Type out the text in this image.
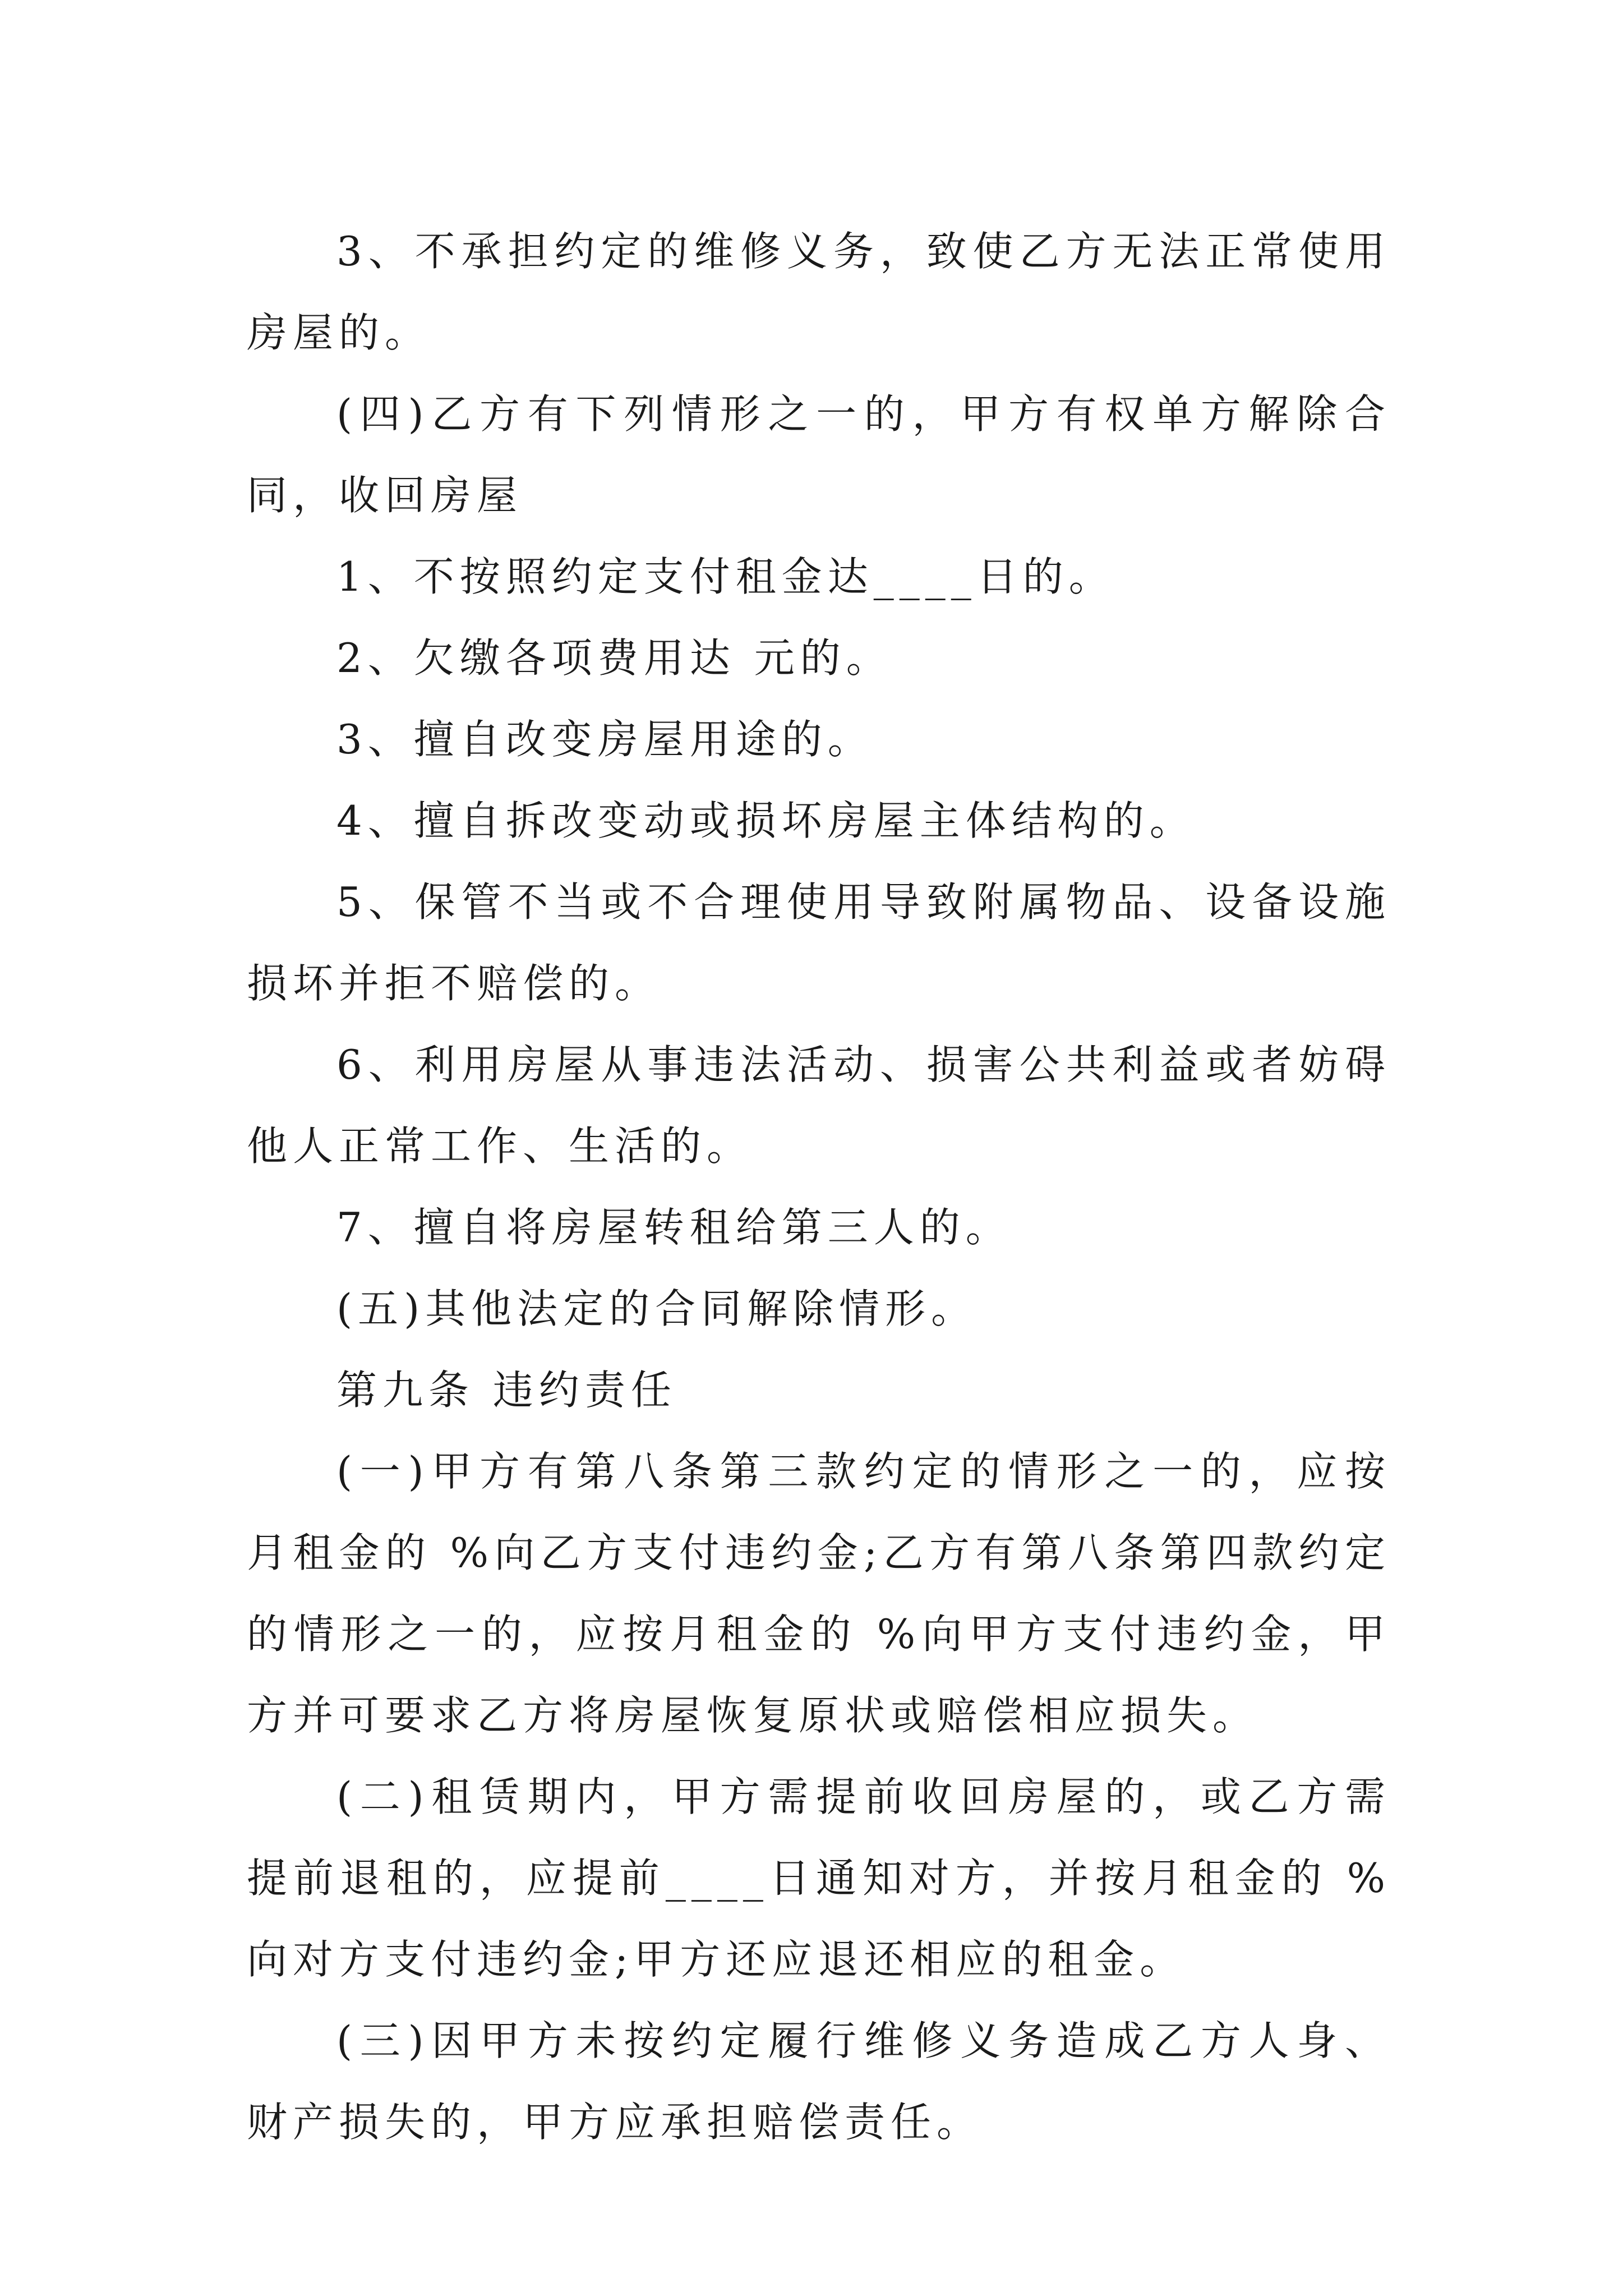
3、不承担约定的维修义务，致使乙方无法正常使用房屋的。

(四)乙方有下列情形之一的，甲方有权单方解除合同，收回房屋

1、不按照约定支付租金达____日的。

2、欠缴各项费用达 元的。

3、擅自改变房屋用途的。

4、擅自拆改变动或损坏房屋主体结构的。

5、保管不当或不合理使用导致附属物品、设备设施损坏并拒不赔偿的。

6、利用房屋从事违法活动、损害公共利益或者妨碍他人正常工作、生活的。

7、擅自将房屋转租给第三人的。

(五)其他法定的合同解除情形。

第九条 违约责任

(一)甲方有第八条第三款约定的情形之一的，应按月租金的 %向乙方支付违约金;乙方有第八条第四款约定的情形之一的，应按月租金的 %向甲方支付违约金，甲方并可要求乙方将房屋恢复原状或赔偿相应损失。

(二)租赁期内，甲方需提前收回房屋的，或乙方需提前退租的，应提前____日通知对方，并按月租金的 %向对方支付违约金;甲方还应退还相应的租金。

(三)因甲方未按约定履行维修义务造成乙方人身、财产损失的，甲方应承担赔偿责任。
